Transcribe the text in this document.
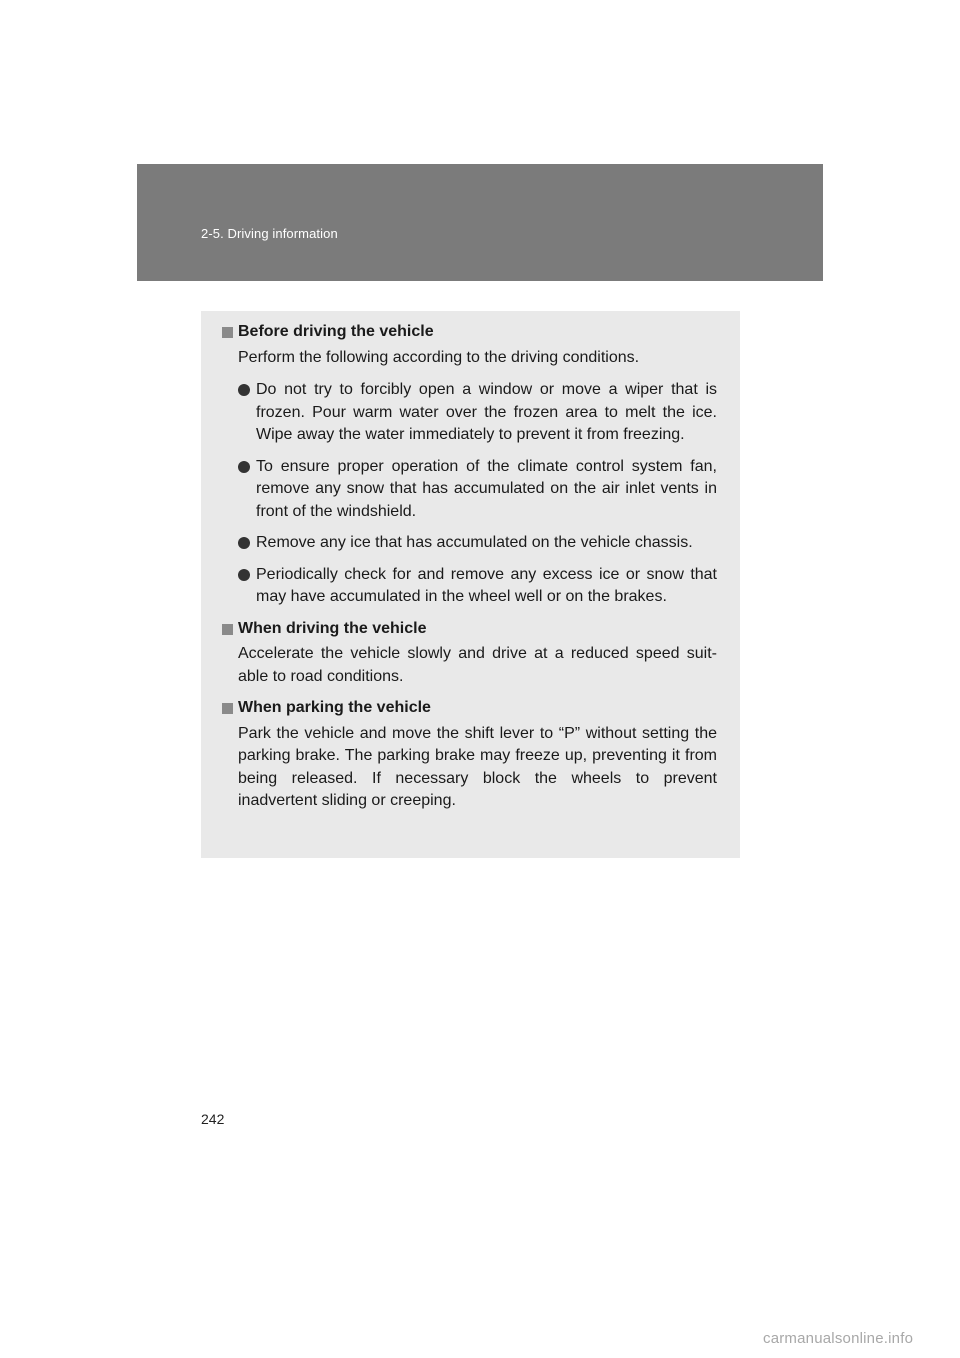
2-5. Driving information
Before driving the vehicle
Perform the following according to the driving conditions.
Do not try to forcibly open a window or move a wiper that is frozen. Pour warm water over the frozen area to melt the ice. Wipe away the water immediately to prevent it from freezing.
To ensure proper operation of the climate control system fan, remove any snow that has accumulated on the air inlet vents in front of the windshield.
Remove any ice that has accumulated on the vehicle chassis.
Periodically check for and remove any excess ice or snow that may have accumulated in the wheel well or on the brakes.
When driving the vehicle
Accelerate the vehicle slowly and drive at a reduced speed suit-able to road conditions.
When parking the vehicle
Park the vehicle and move the shift lever to “P” without setting the parking brake. The parking brake may freeze up, preventing it from being released. If necessary block the wheels to prevent inadvertent sliding or creeping.
242
carmanualsonline.info
